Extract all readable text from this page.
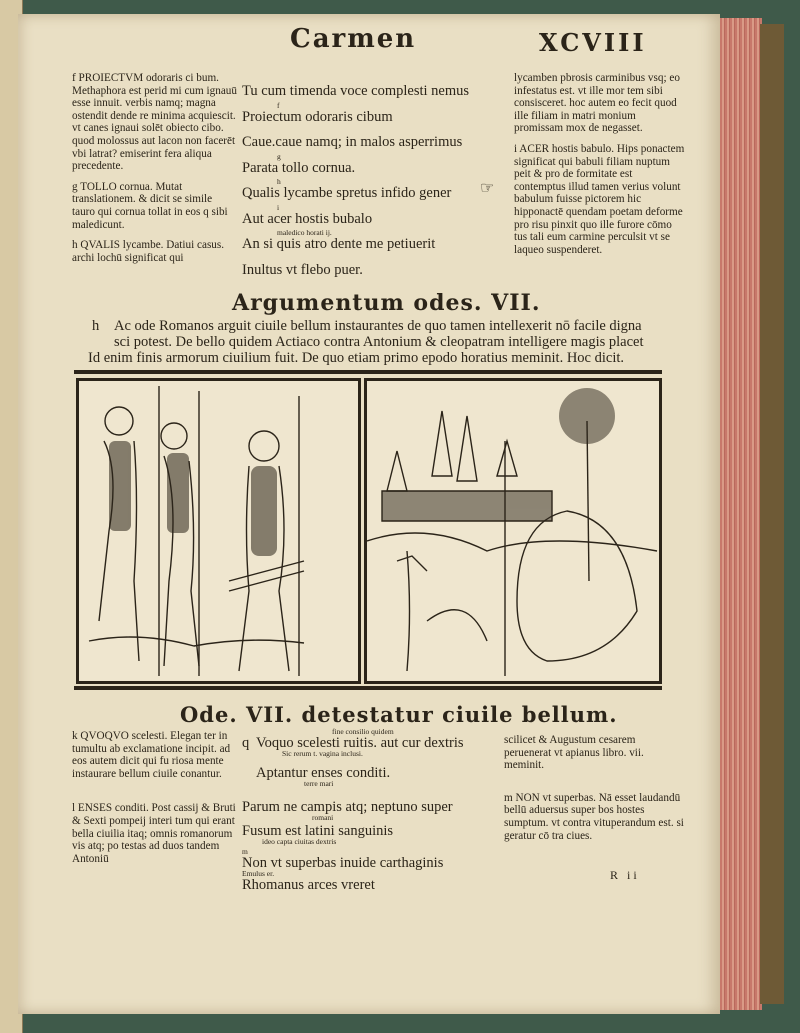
Carmen	XCVIII

f PROIECTVM odoraris ci bum. Methaphora est perid mi cum ignauū esse innuit. verbis namq; magna ostendit dende re minima acquiescit. vt canes ignaui solēt obiecto cibo. quod molossus aut lacon non facerēt vbi latrat? emiserint fera aliqua precedente.

g TOLLO cornua. Mutat translationem. & dicit se simile tauro qui cornua tollat in eos q sibi maledicunt.

h QVALIS lycambe. Datiui casus. archi lochū significat qui

Tu cum timenda voce complesti nemus
f
Proiectum odoraris cibum
Caue.caue namq; in malos asperrimus
g
Parata tollo cornua.
h
Qualis lycambe spretus infido gener
i
Aut acer hostis bubalo
maledico horati ij.
An si quis atro dente me petiuerit
Inultus vt flebo puer.
☞

lycamben pbrosis carminibus vsq; eo infestatus est. vt ille mor tem sibi consisceret. hoc autem eo fecit quod ille filiam in matri monium promissam mox de negasset.

i ACER hostis babulo. Hips ponactem significat qui babuli filiam nuptum peit & pro de formitate est contemptus illud tamen verius volunt babulum fuisse pictorem hic hipponactē quendam poetam deforme pro risu pinxit quo ille furore cōmo tus tali eum carmine perculsit vt se laqueo suspenderet.

Argumentum odes. VII.
h Ac ode Romanos arguit ciuile bellum instaurantes de quo tamen intellexerit nō facile digna
sci potest. De bello quidem Actiaco contra Antonium & cleopatram intelligere magis placet
Id enim finis armorum ciuilium fuit. De quo etiam primo epodo horatius meminit. Hoc dicit.
Ode. VII. detestatur ciuile bellum.

k QVOQVO scelesti. Elegan ter in tumultu ab exclamatione incipit. ad eos autem dicit qui fu riosa mente instaurare bellum ciuile conantur.

l ENSES conditi. Post cassij & Bruti & Sexti pompeij interi tum qui erant bella ciuilia itaq; omnis romanorum vis atq; po testas ad duos tandem Antoniū

fine consilio quidem
q Voquo scelesti ruitis. aut cur dextris
Sic rerum t. vagina inclusi.
Aptantur enses conditi.
terre mari
Parum ne campis atq; neptuno super
romani
Fusum est latini sanguinis
ideo capta ciuitas dextris
m
Non vt superbas inuide carthaginis
Emulus er.
Rhomanus arces vreret

scilicet & Augustum cesarem peruenerat vt apianus libro. vii. meminit.

m NON vt superbas. Nā esset laudandū bellū aduersus super bos hostes sumptum. vt contra vituperandum est. si geratur cō tra ciues.

R ii
